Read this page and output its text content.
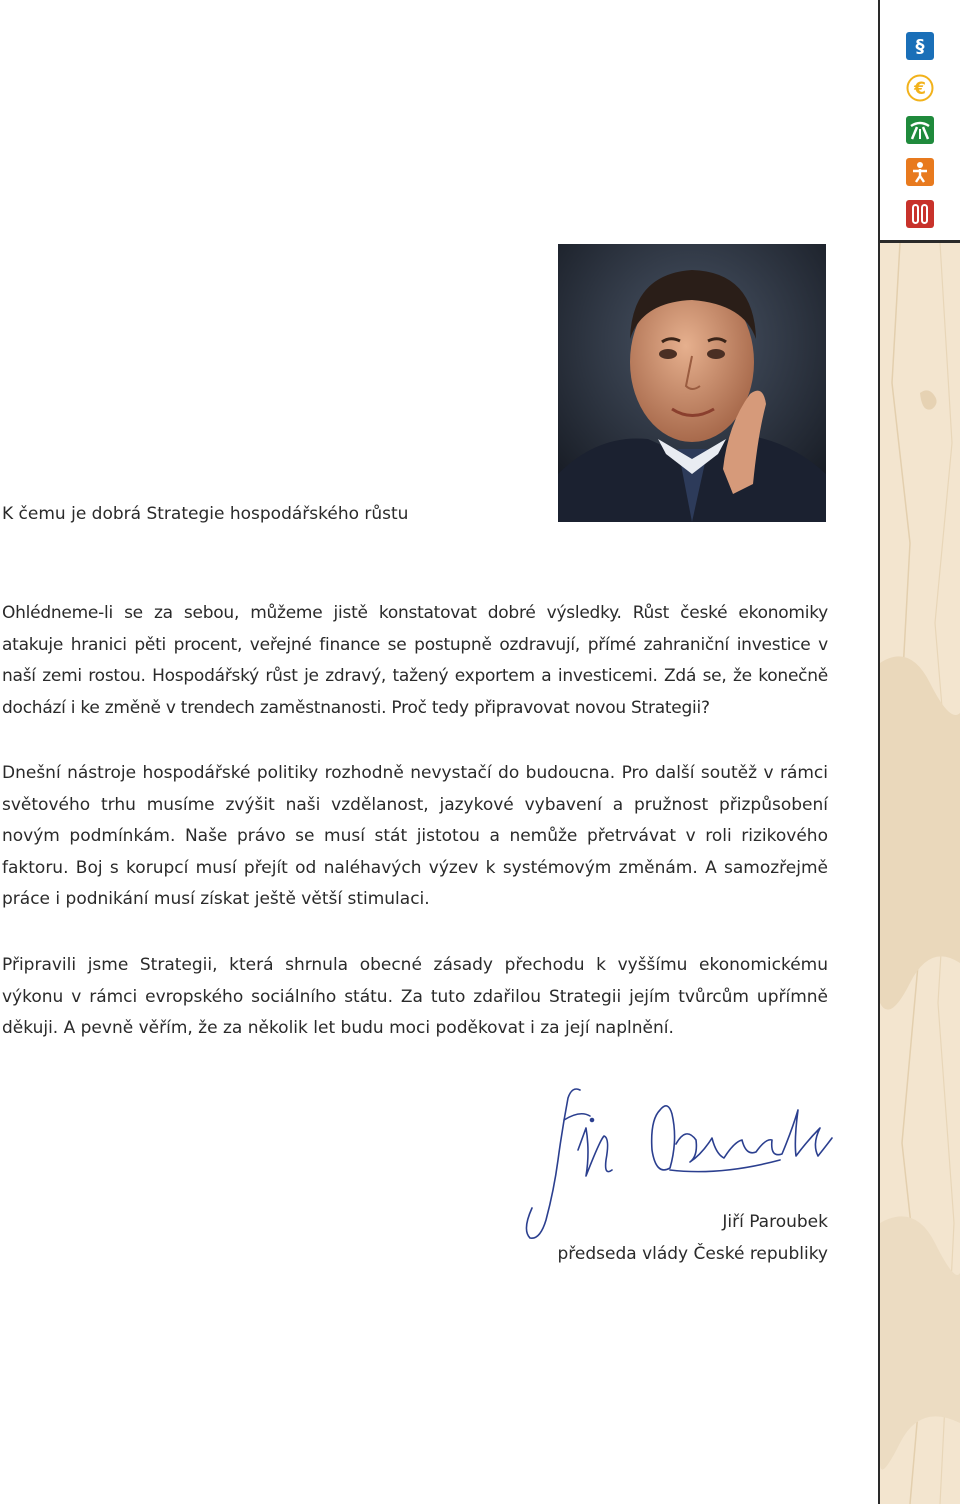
§
€
K čemu je dobrá Strategie hospodářského růstu

Ohlédneme-li se za sebou, můžeme jistě konstatovat dobré výsledky. Růst české ekonomiky atakuje hranici pěti procent, veřejné finance se postupně ozdravují, přímé zahraniční investice v naší zemi rostou. Hospodářský růst je zdravý, tažený exportem a investicemi. Zdá se, že konečně dochází i ke změně v trendech zaměstnanosti. Proč tedy připravovat novou Strategii?

Dnešní nástroje hospodářské politiky rozhodně nevystačí do budoucna. Pro další soutěž v rámci světového trhu musíme zvýšit naši vzdělanost, jazykové vybavení a pružnost přizpůsobení novým podmínkám. Naše právo se musí stát jistotou a nemůže přetrvávat v roli rizikového faktoru. Boj s korupcí musí přejít od naléhavých výzev k systémovým změnám. A samozřejmě práce i podnikání musí získat ještě větší stimulaci.

Připravili jsme Strategii, která shrnula obecné zásady přechodu k vyššímu ekonomickému výkonu v rámci evropského sociálního státu. Za tuto zdařilou Strategii jejím tvůrcům upřímně děkuji. A pevně věřím, že za několik let budu moci poděkovat i za její naplnění.

Jiří Paroubek
předseda vlády České republiky
